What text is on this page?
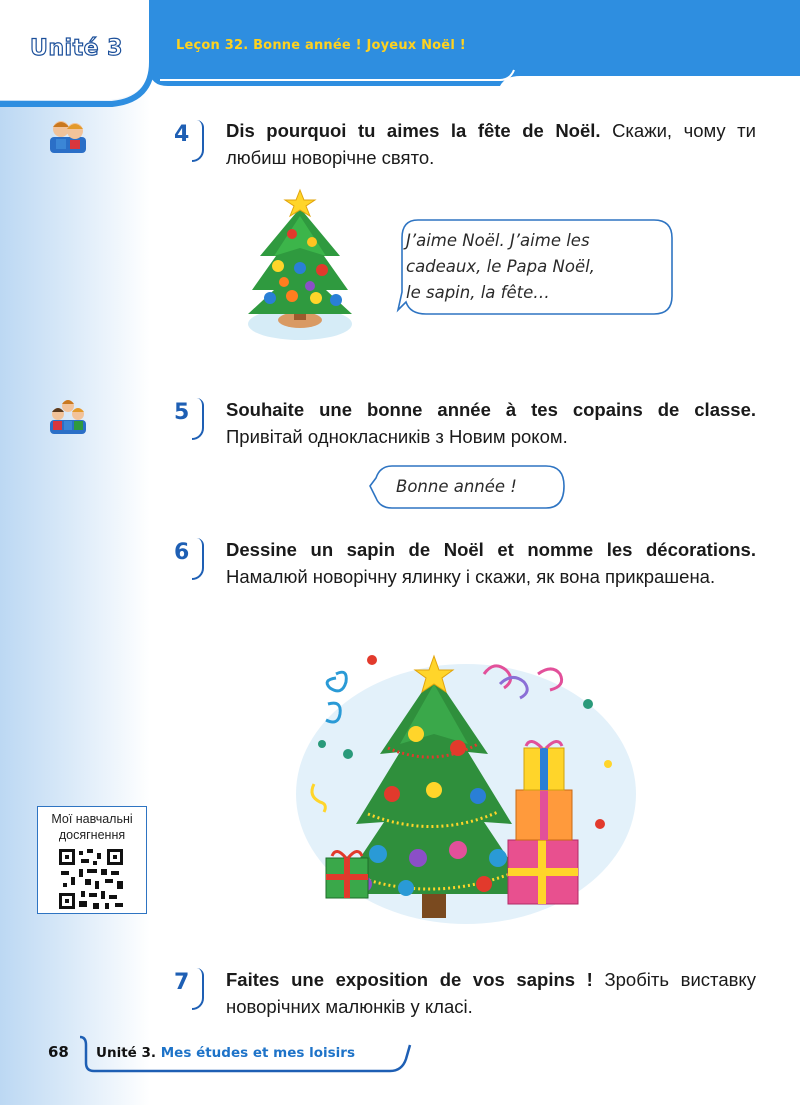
Unité 3	Leçon 32. Bonne année ! Joyeux Noël !
4	Dis pourquoi tu aimes la fête de Noël. Скажи, чому ти любиш новорічне свято.
J’aime Noël. J’aime les
cadeaux, le Papa Noël,
le sapin, la fête…
5	Souhaite une bonne année à tes copains de classe. Привітай однокласників з Новим роком.
Bonne année !
6	Dessine un sapin de Noël et nomme les décorations. Намалюй новорічну ялинку і скажи, як вона прикрашена.
Мої навчальні
досягнення
7	Faites une exposition de vos sapins ! Зробіть виставку новорічних малюнків у класі.
68 Unité 3. Mes études et mes loisirs
